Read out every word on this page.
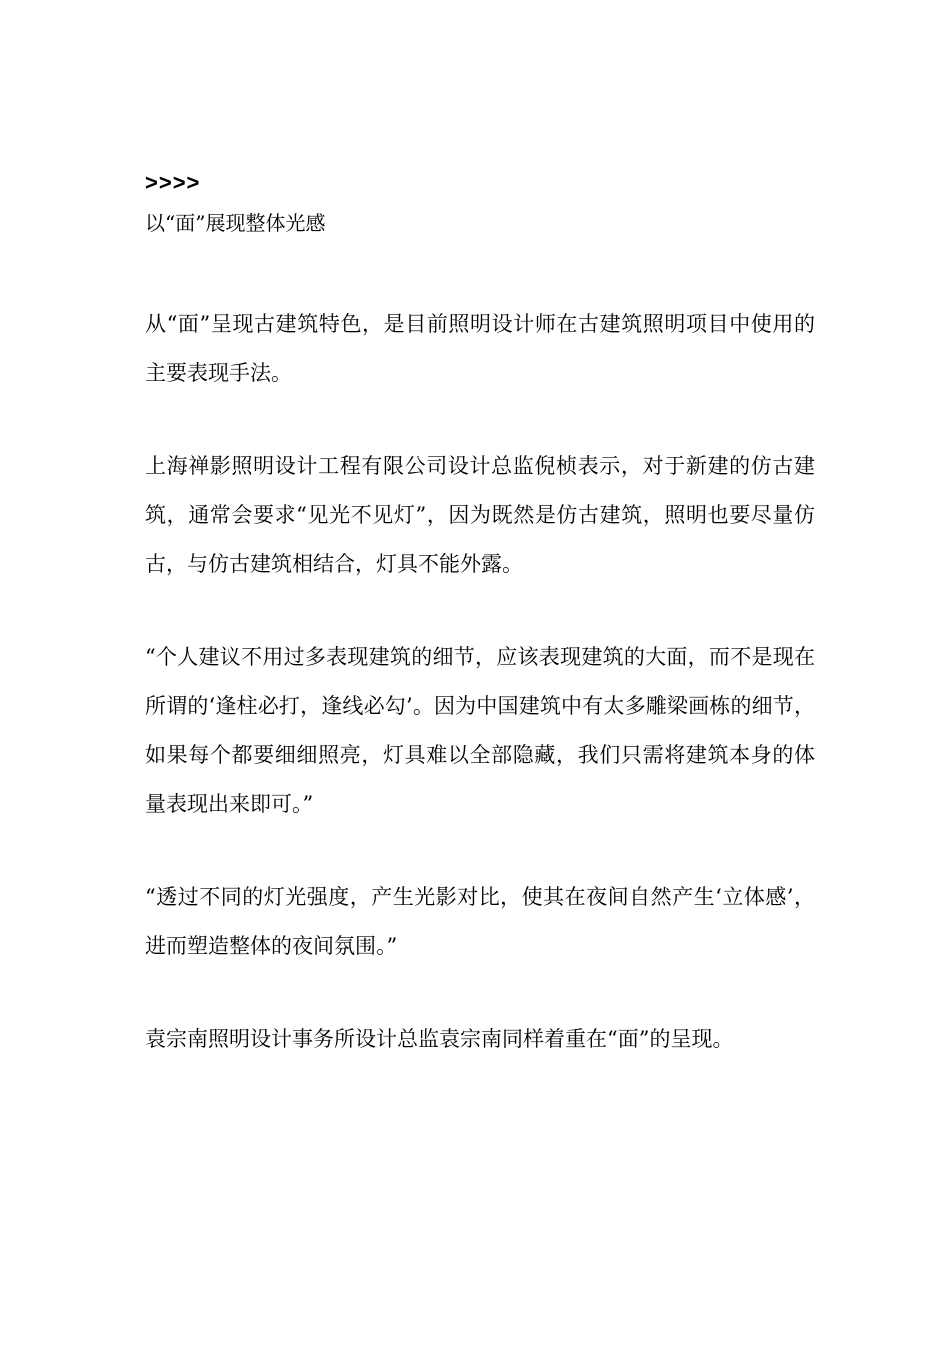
>>>>
以“面”展现整体光感

从“面”呈现古建筑特色，是目前照明设计师在古建筑照明项目中使用的主要表现手法。

上海禅影照明设计工程有限公司设计总监倪桢表示，对于新建的仿古建筑，通常会要求“见光不见灯”，因为既然是仿古建筑，照明也要尽量仿古，与仿古建筑相结合，灯具不能外露。

“个人建议不用过多表现建筑的细节，应该表现建筑的大面，而不是现在所谓的‘逢柱必打，逢线必勾’。因为中国建筑中有太多雕梁画栋的细节，如果每个都要细细照亮，灯具难以全部隐藏，我们只需将建筑本身的体量表现出来即可。”

“透过不同的灯光强度，产生光影对比，使其在夜间自然产生‘立体感’，进而塑造整体的夜间氛围。”

袁宗南照明设计事务所设计总监袁宗南同样着重在“面”的呈现。
